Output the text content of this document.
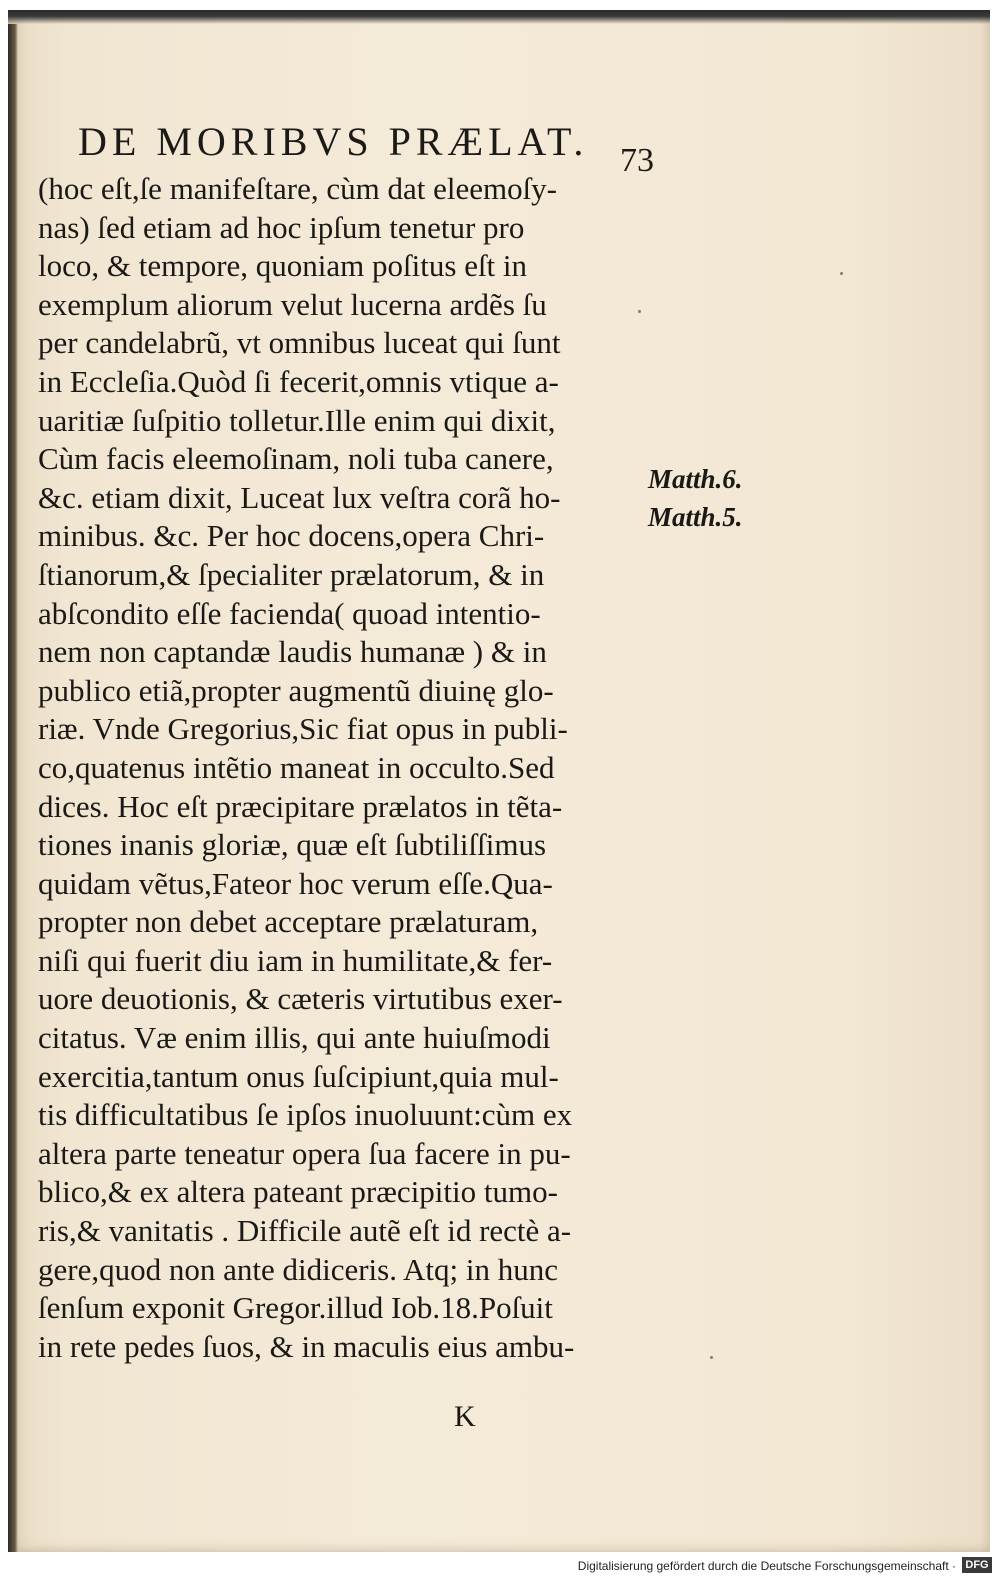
DE MORIBVS PRÆLAT. 73
(hoc eſt,ſe manifeſtare, cùm dat eleemoſy-
nas) ſed etiam ad hoc ipſum tenetur pro
loco, & tempore, quoniam poſitus eſt in
exemplum aliorum velut lucerna ardẽs ſu
per candelabrũ, vt omnibus luceat qui ſunt
in Eccleſia.Quòd ſi fecerit,omnis vtique a-
uaritiæ ſuſpitio tolletur.Ille enim qui dixit,
Cùm facis eleemoſinam, noli tuba canere,
&c. etiam dixit, Luceat lux veſtra corã ho-
minibus. &c. Per hoc docens,opera Chri-
ſtianorum,& ſpecialiter prælatorum, & in
abſcondito eſſe facienda( quoad intentio-
nem non captandæ laudis humanæ ) & in
publico etiã,propter augmentũ diuinę glo-
riæ. Vnde Gregorius,Sic fiat opus in publi-
co,quatenus intẽtio maneat in occulto.Sed
dices. Hoc eſt præcipitare prælatos in tẽta-
tiones inanis gloriæ, quæ eſt ſubtiliſſimus
quidam vẽtus,Fateor hoc verum eſſe.Qua-
propter non debet acceptare prælaturam,
niſi qui fuerit diu iam in humilitate,& fer-
uore deuotionis, & cæteris virtutibus exer-
citatus. Væ enim illis, qui ante huiuſmodi
exercitia,tantum onus ſuſcipiunt,quia mul-
tis difficultatibus ſe ipſos inuoluunt:cùm ex
altera parte teneatur opera ſua facere in pu-
blico,& ex altera pateant præcipitio tumo-
ris,& vanitatis . Difficile autẽ eſt id rectè a-
gere,quod non ante didiceris. Atq; in hunc
ſenſum exponit Gregor.illud Iob.18.Poſuit
in rete pedes ſuos, & in maculis eius ambu-
Matth.6.
Matth.5.
K
Digitalisierung gefördert durch die Deutsche Forschungsgemeinschaft · DFG
